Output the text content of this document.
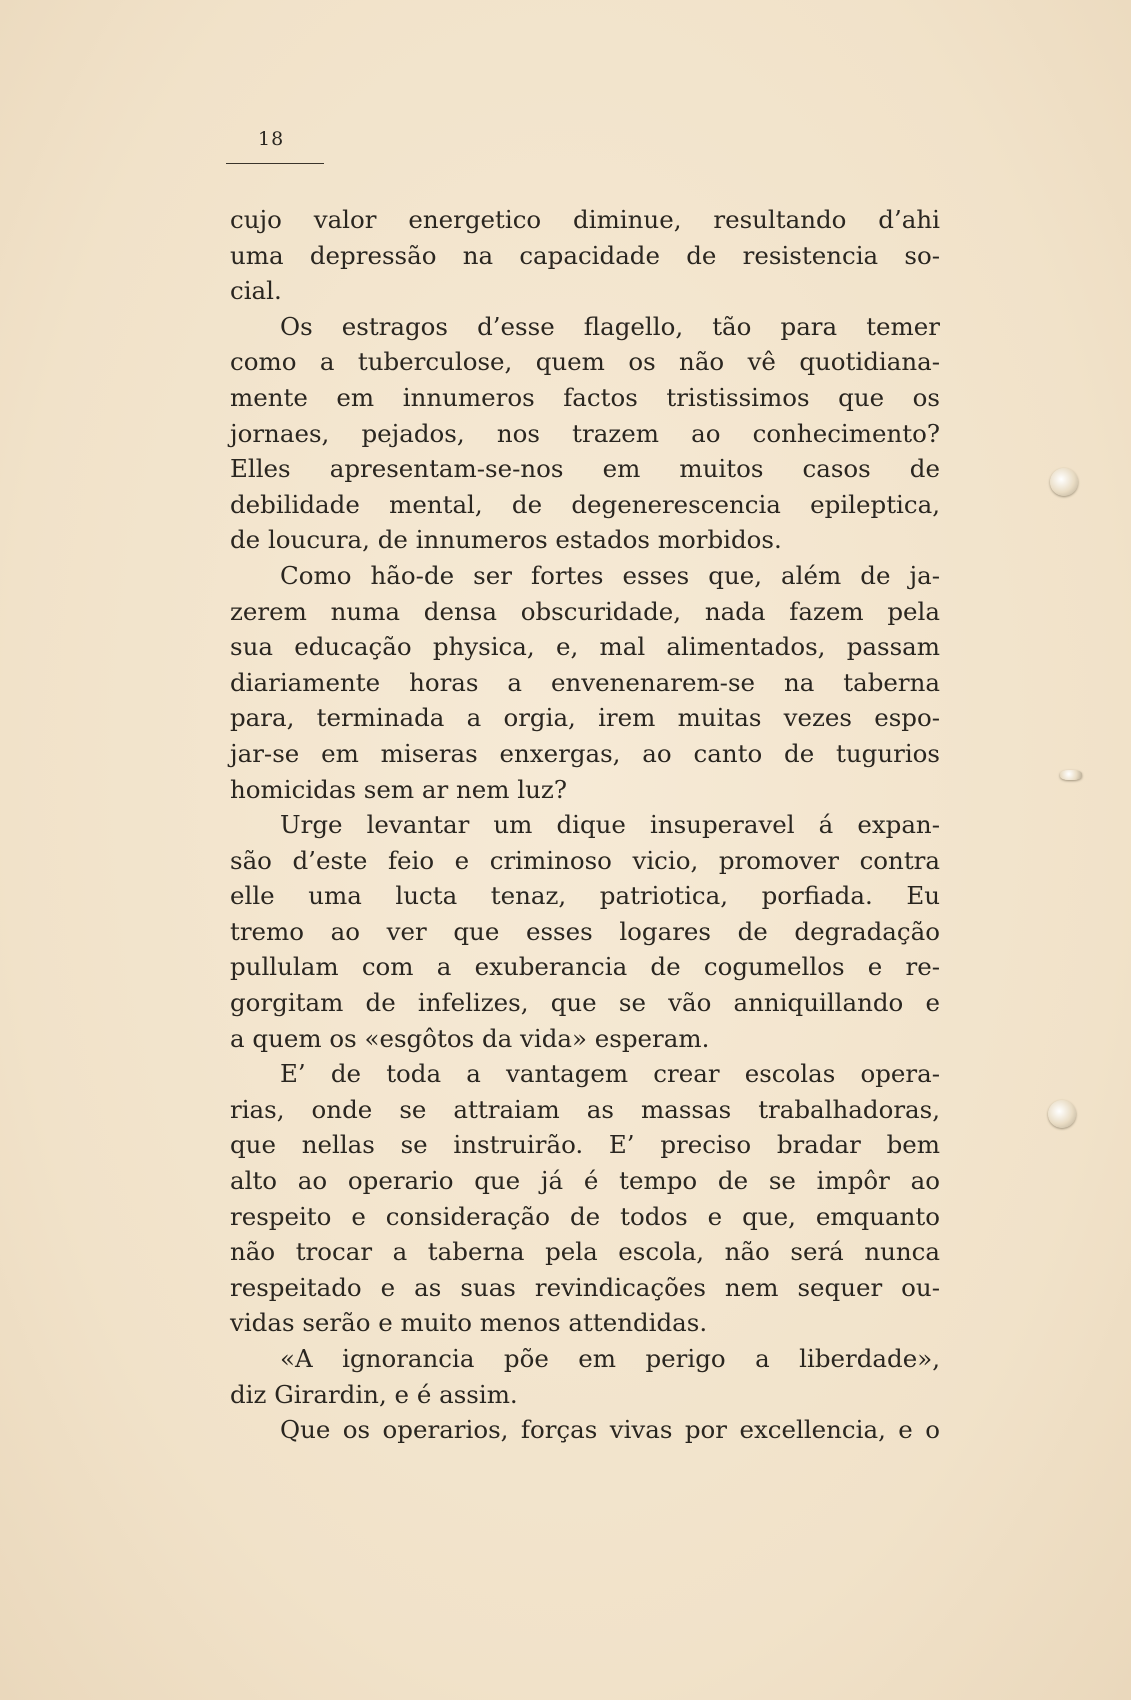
18
cujo valor energetico diminue, resultando d’ahi
uma depressão na capacidade de resistencia so-
cial.
Os estragos d’esse flagello, tão para temer
como a tuberculose, quem os não vê quotidiana-
mente em innumeros factos tristissimos que os
jornaes, pejados, nos trazem ao conhecimento?
Elles apresentam-se-nos em muitos casos de
debilidade mental, de degenerescencia epileptica,
de loucura, de innumeros estados morbidos.
Como hão-de ser fortes esses que, além de ja-
zerem numa densa obscuridade, nada fazem pela
sua educação physica, e, mal alimentados, passam
diariamente horas a envenenarem-se na taberna
para, terminada a orgia, irem muitas vezes espo-
jar-se em miseras enxergas, ao canto de tugurios
homicidas sem ar nem luz?
Urge levantar um dique insuperavel á expan-
são d’este feio e criminoso vicio, promover contra
elle uma lucta tenaz, patriotica, porfiada. Eu
tremo ao ver que esses logares de degradação
pullulam com a exuberancia de cogumellos e re-
gorgitam de infelizes, que se vão anniquillando e
a quem os «esgôtos da vida» esperam.
E’ de toda a vantagem crear escolas opera-
rias, onde se attraiam as massas trabalhadoras,
que nellas se instruirão. E’ preciso bradar bem
alto ao operario que já é tempo de se impôr ao
respeito e consideração de todos e que, emquanto
não trocar a taberna pela escola, não será nunca
respeitado e as suas revindicações nem sequer ou-
vidas serão e muito menos attendidas.
«A ignorancia põe em perigo a liberdade»,
diz Girardin, e é assim.
Que os operarios, forças vivas por excellencia, e o
